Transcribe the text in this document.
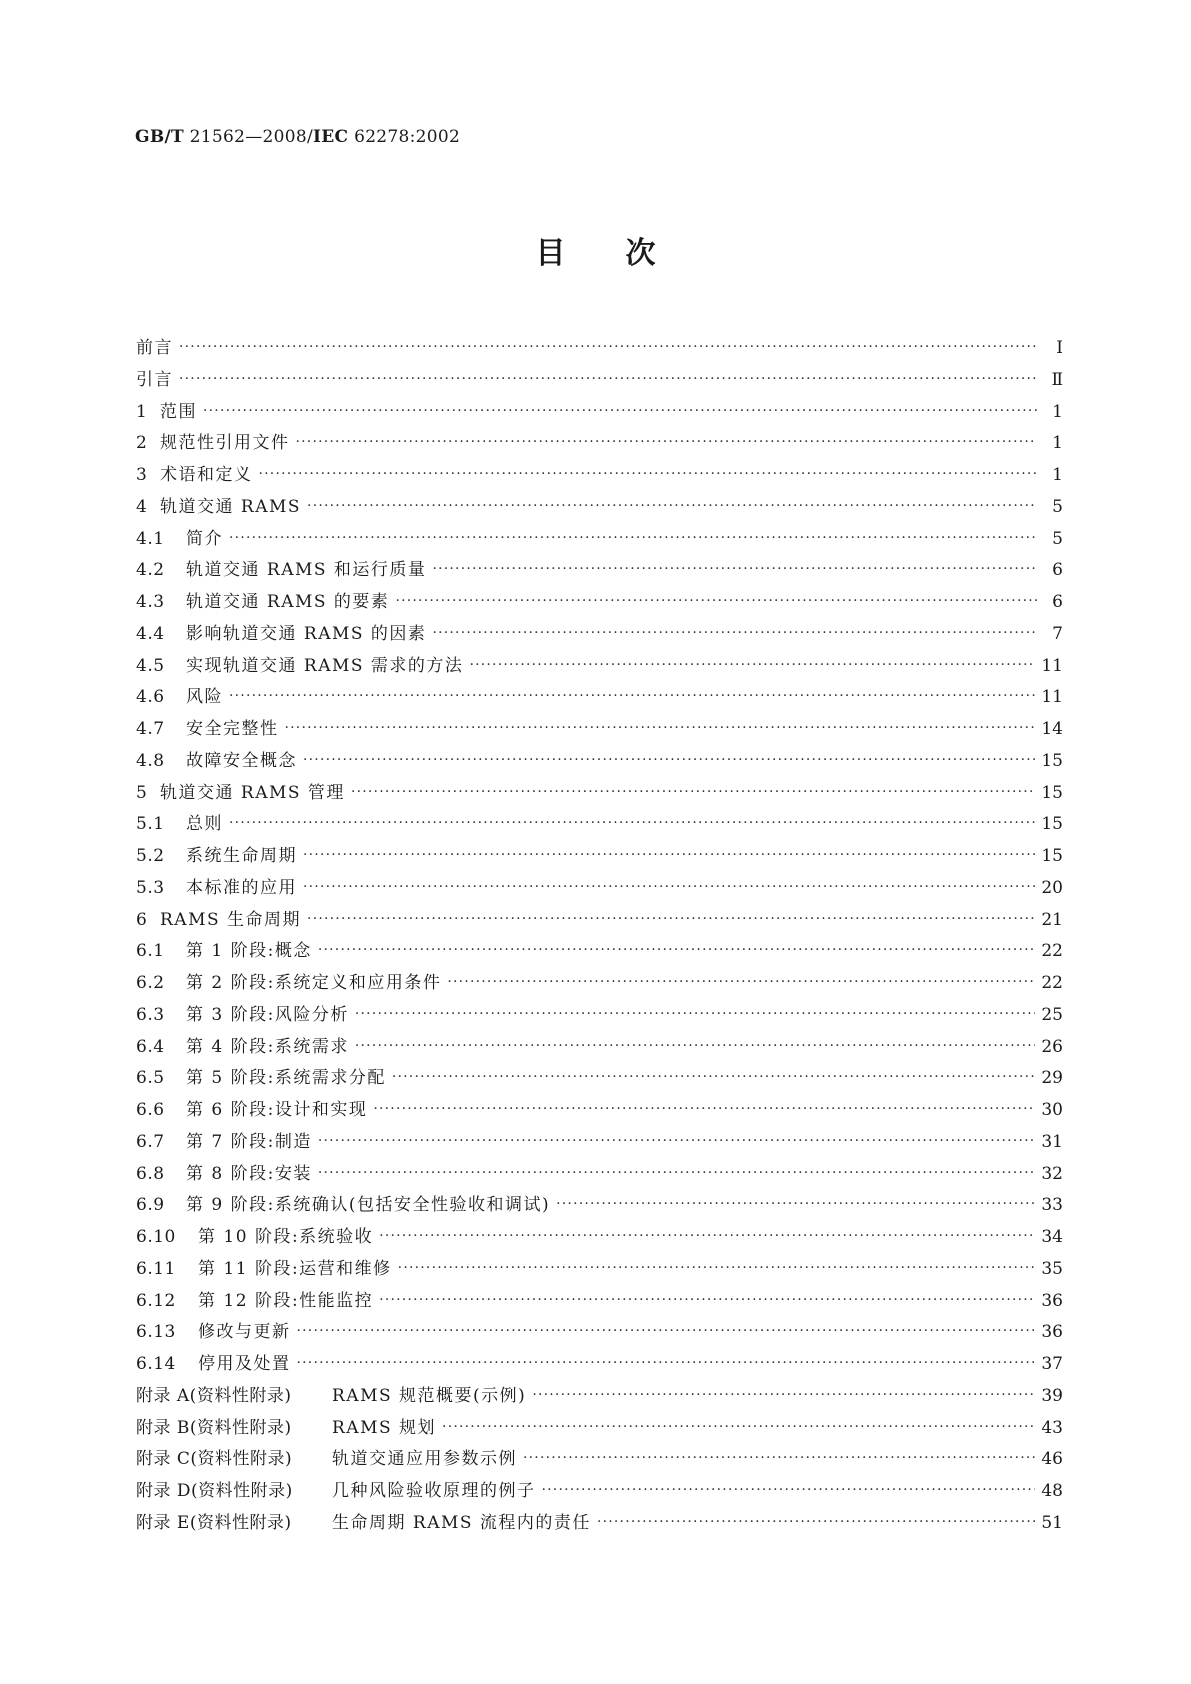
GB/T 21562—2008/IEC 62278:2002
目次
前言 ·····	Ⅰ
引言 ·····	Ⅱ
1 范围 ·····	1
2 规范性引用文件 ·····	1
3 术语和定义 ·····	1
4 轨道交通 RAMS ·····	5
4.1	简介 ·····	5
4.2	轨道交通 RAMS 和运行质量 ·····	6
4.3	轨道交通 RAMS 的要素 ·····	6
4.4	影响轨道交通 RAMS 的因素 ·····	7
4.5	实现轨道交通 RAMS 需求的方法 ·····	11
4.6	风险 ·····	11
4.7	安全完整性 ·····	14
4.8	故障安全概念 ·····	15
5 轨道交通 RAMS 管理 ·····	15
5.1	总则 ·····	15
5.2	系统生命周期 ·····	15
5.3	本标准的应用 ·····	20
6 RAMS 生命周期 ·····	21
6.1	第 1 阶段:概念 ·····	22
6.2	第 2 阶段:系统定义和应用条件 ·····	22
6.3	第 3 阶段:风险分析 ·····	25
6.4	第 4 阶段:系统需求 ·····	26
6.5	第 5 阶段:系统需求分配 ·····	29
6.6	第 6 阶段:设计和实现 ·····	30
6.7	第 7 阶段:制造 ·····	31
6.8	第 8 阶段:安装 ·····	32
6.9	第 9 阶段:系统确认(包括安全性验收和调试) ·····	33
6.10	第 10 阶段:系统验收 ·····	34
6.11	第 11 阶段:运营和维修 ·····	35
6.12	第 12 阶段:性能监控 ·····	36
6.13	修改与更新 ·····	36
6.14	停用及处置 ·····	37
附录 A(资料性附录)	RAMS 规范概要(示例) ·····	39
附录 B(资料性附录)	RAMS 规划 ·····	43
附录 C(资料性附录)	轨道交通应用参数示例 ·····	46
附录 D(资料性附录)	几种风险验收原理的例子 ·····	48
附录 E(资料性附录)	生命周期 RAMS 流程内的责任 ·····	51
